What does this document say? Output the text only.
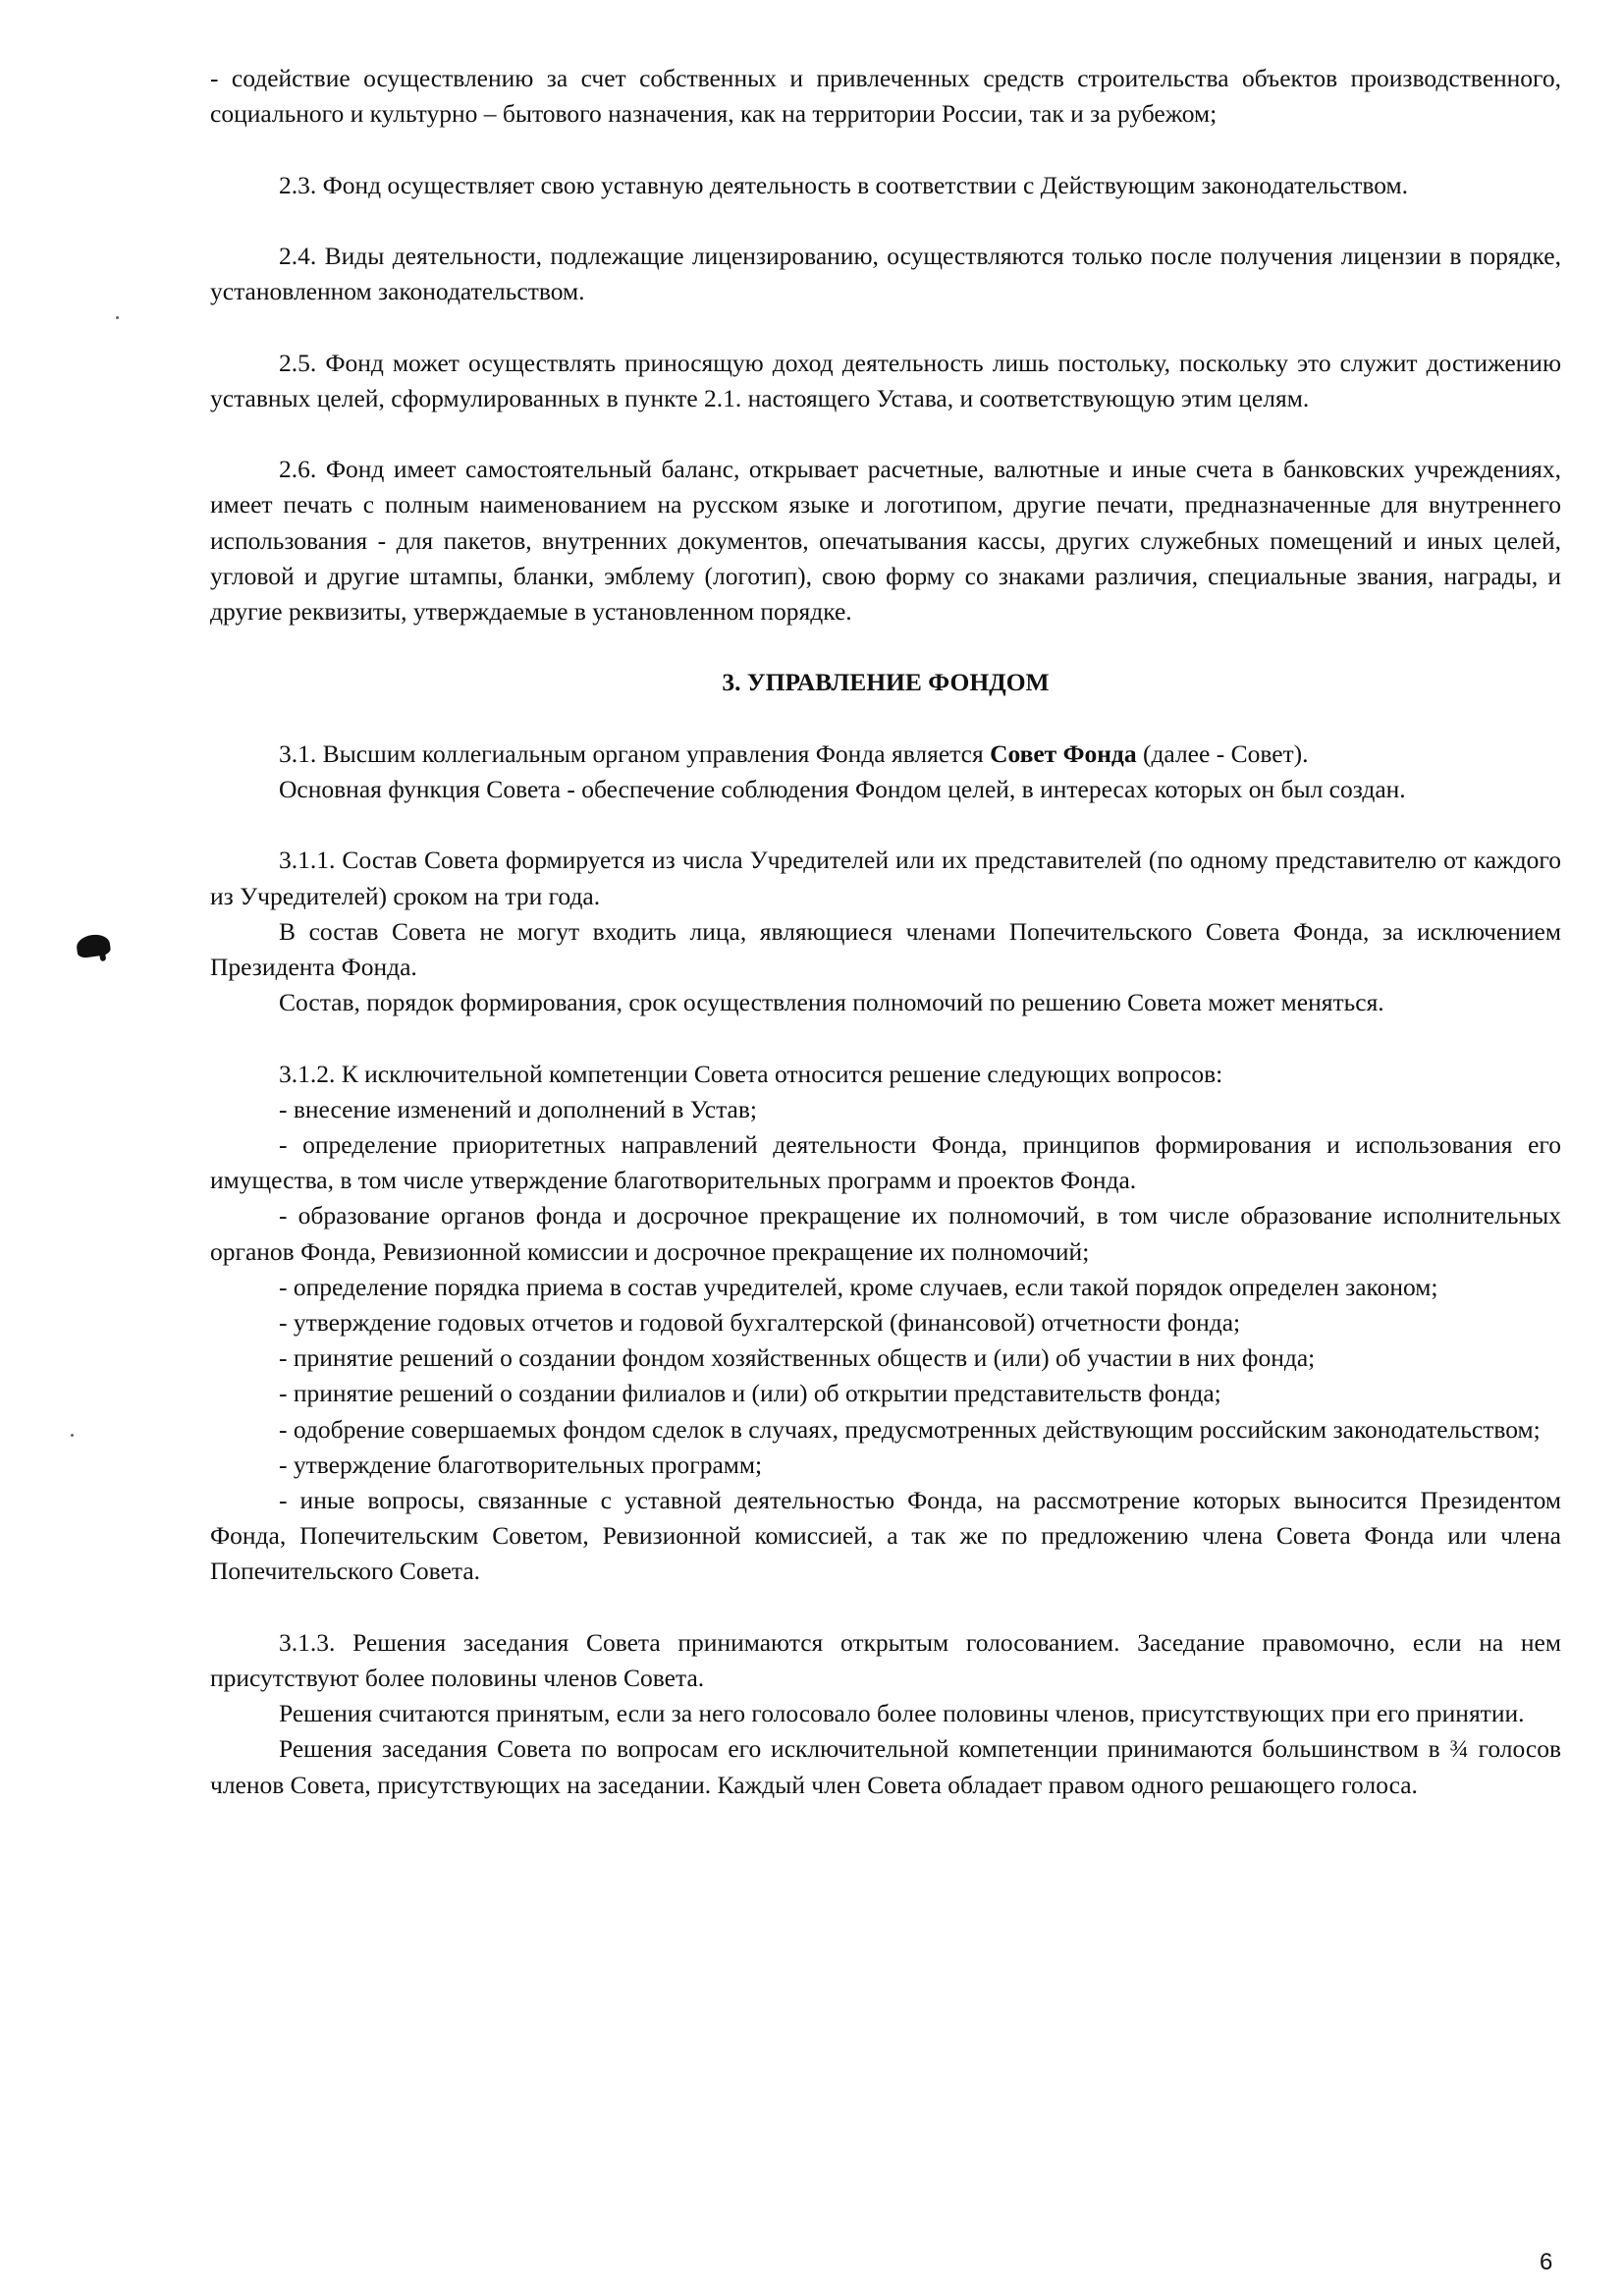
- содействие осуществлению за счет собственных и привлеченных средств строительства объектов производственного, социального и культурно – бытового назначения, как на территории России, так и за рубежом;

2.3. Фонд осуществляет свою уставную деятельность в соответствии с Действующим законодательством.

2.4. Виды деятельности, подлежащие лицензированию, осуществляются только после получения лицензии в порядке, установленном законодательством.

2.5. Фонд может осуществлять приносящую доход деятельность лишь постольку, поскольку это служит достижению уставных целей, сформулированных в пункте 2.1. настоящего Устава, и соответствующую этим целям.

2.6. Фонд имеет самостоятельный баланс, открывает расчетные, валютные и иные счета в банковских учреждениях, имеет печать с полным наименованием на русском языке и логотипом, другие печати, предназначенные для внутреннего использования - для пакетов, внутренних документов, опечатывания кассы, других служебных помещений и иных целей, угловой и другие штампы, бланки, эмблему (логотип), свою форму со знаками различия, специальные звания, награды, и другие реквизиты, утверждаемые в установленном порядке.

3. УПРАВЛЕНИЕ ФОНДОМ

3.1. Высшим коллегиальным органом управления Фонда является Совет Фонда (далее - Совет).

Основная функция Совета - обеспечение соблюдения Фондом целей, в интересах которых он был создан.

3.1.1. Состав Совета формируется из числа Учредителей или их представителей (по одному представителю от каждого из Учредителей) сроком на три года.

В состав Совета не могут входить лица, являющиеся членами Попечительского Совета Фонда, за исключением Президента Фонда.

Состав, порядок формирования, срок осуществления полномочий по решению Совета может меняться.

3.1.2. К исключительной компетенции Совета относится решение следующих вопросов:

- внесение изменений и дополнений в Устав;

- определение приоритетных направлений деятельности Фонда, принципов формирования и использования его имущества, в том числе утверждение благотворительных программ и проектов Фонда.

- образование органов фонда и досрочное прекращение их полномочий, в том числе образование исполнительных органов Фонда, Ревизионной комиссии и досрочное прекращение их полномочий;

- определение порядка приема в состав учредителей, кроме случаев, если такой порядок определен законом;

- утверждение годовых отчетов и годовой бухгалтерской (финансовой) отчетности фонда;

- принятие решений о создании фондом хозяйственных обществ и (или) об участии в них фонда;

- принятие решений о создании филиалов и (или) об открытии представительств фонда;

- одобрение совершаемых фондом сделок в случаях, предусмотренных действующим российским законодательством;

- утверждение благотворительных программ;

- иные вопросы, связанные с уставной деятельностью Фонда, на рассмотрение которых выносится Президентом Фонда, Попечительским Советом, Ревизионной комиссией, а так же по предложению члена Совета Фонда или члена Попечительского Совета.

3.1.3. Решения заседания Совета принимаются открытым голосованием. Заседание правомочно, если на нем присутствуют более половины членов Совета.

Решения считаются принятым, если за него голосовало более половины членов, присутствующих при его принятии.

Решения заседания Совета по вопросам его исключительной компетенции принимаются большинством в ¾ голосов членов Совета, присутствующих на заседании. Каждый член Совета обладает правом одного решающего голоса.

6
